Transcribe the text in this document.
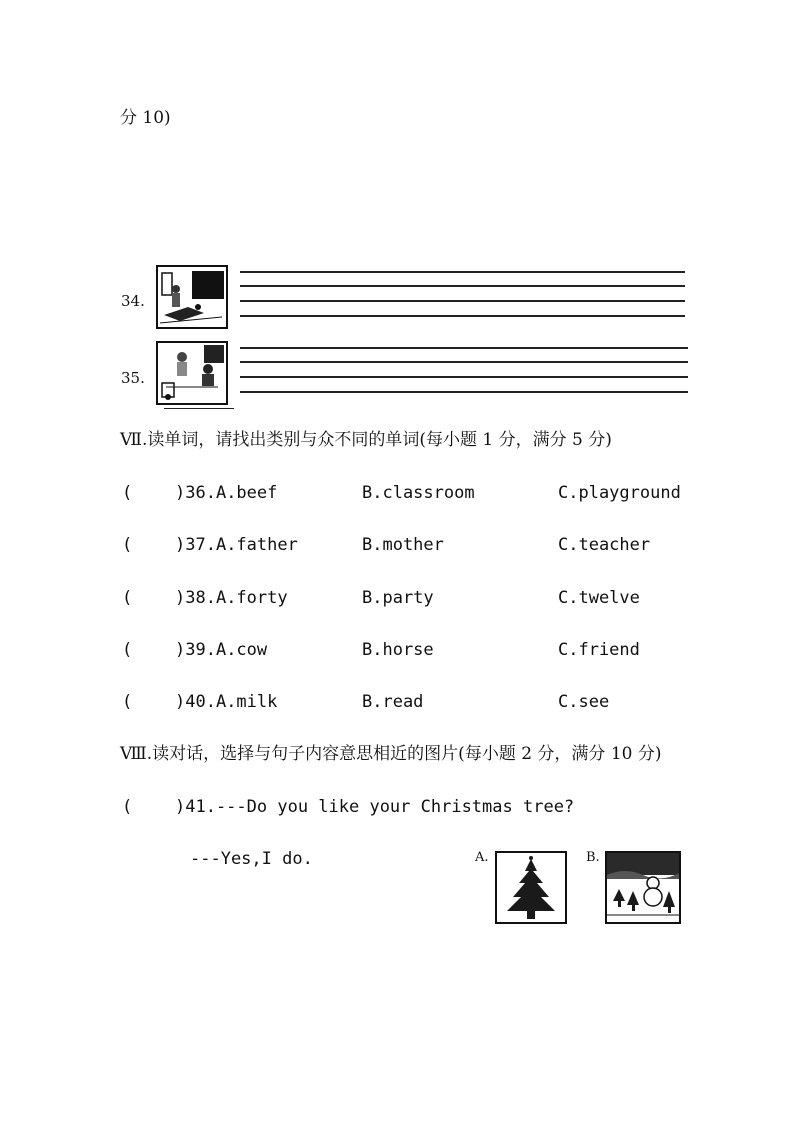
分 10)
34.
35.
Ⅶ.读单词，请找出类别与众不同的单词(每小题 1 分，满分 5 分)
(	)36.A.beef	B.classroom	C.playground
(	)37.A.father	B.mother	C.teacher
(	)38.A.forty	B.party	C.twelve
(	)39.A.cow	B.horse	C.friend
(	)40.A.milk	B.read	C.see
Ⅷ.读对话，选择与句子内容意思相近的图片(每小题 2 分，满分 10 分)
(	)41.---Do you like your Christmas tree?
---Yes,I do.	A.	B.
